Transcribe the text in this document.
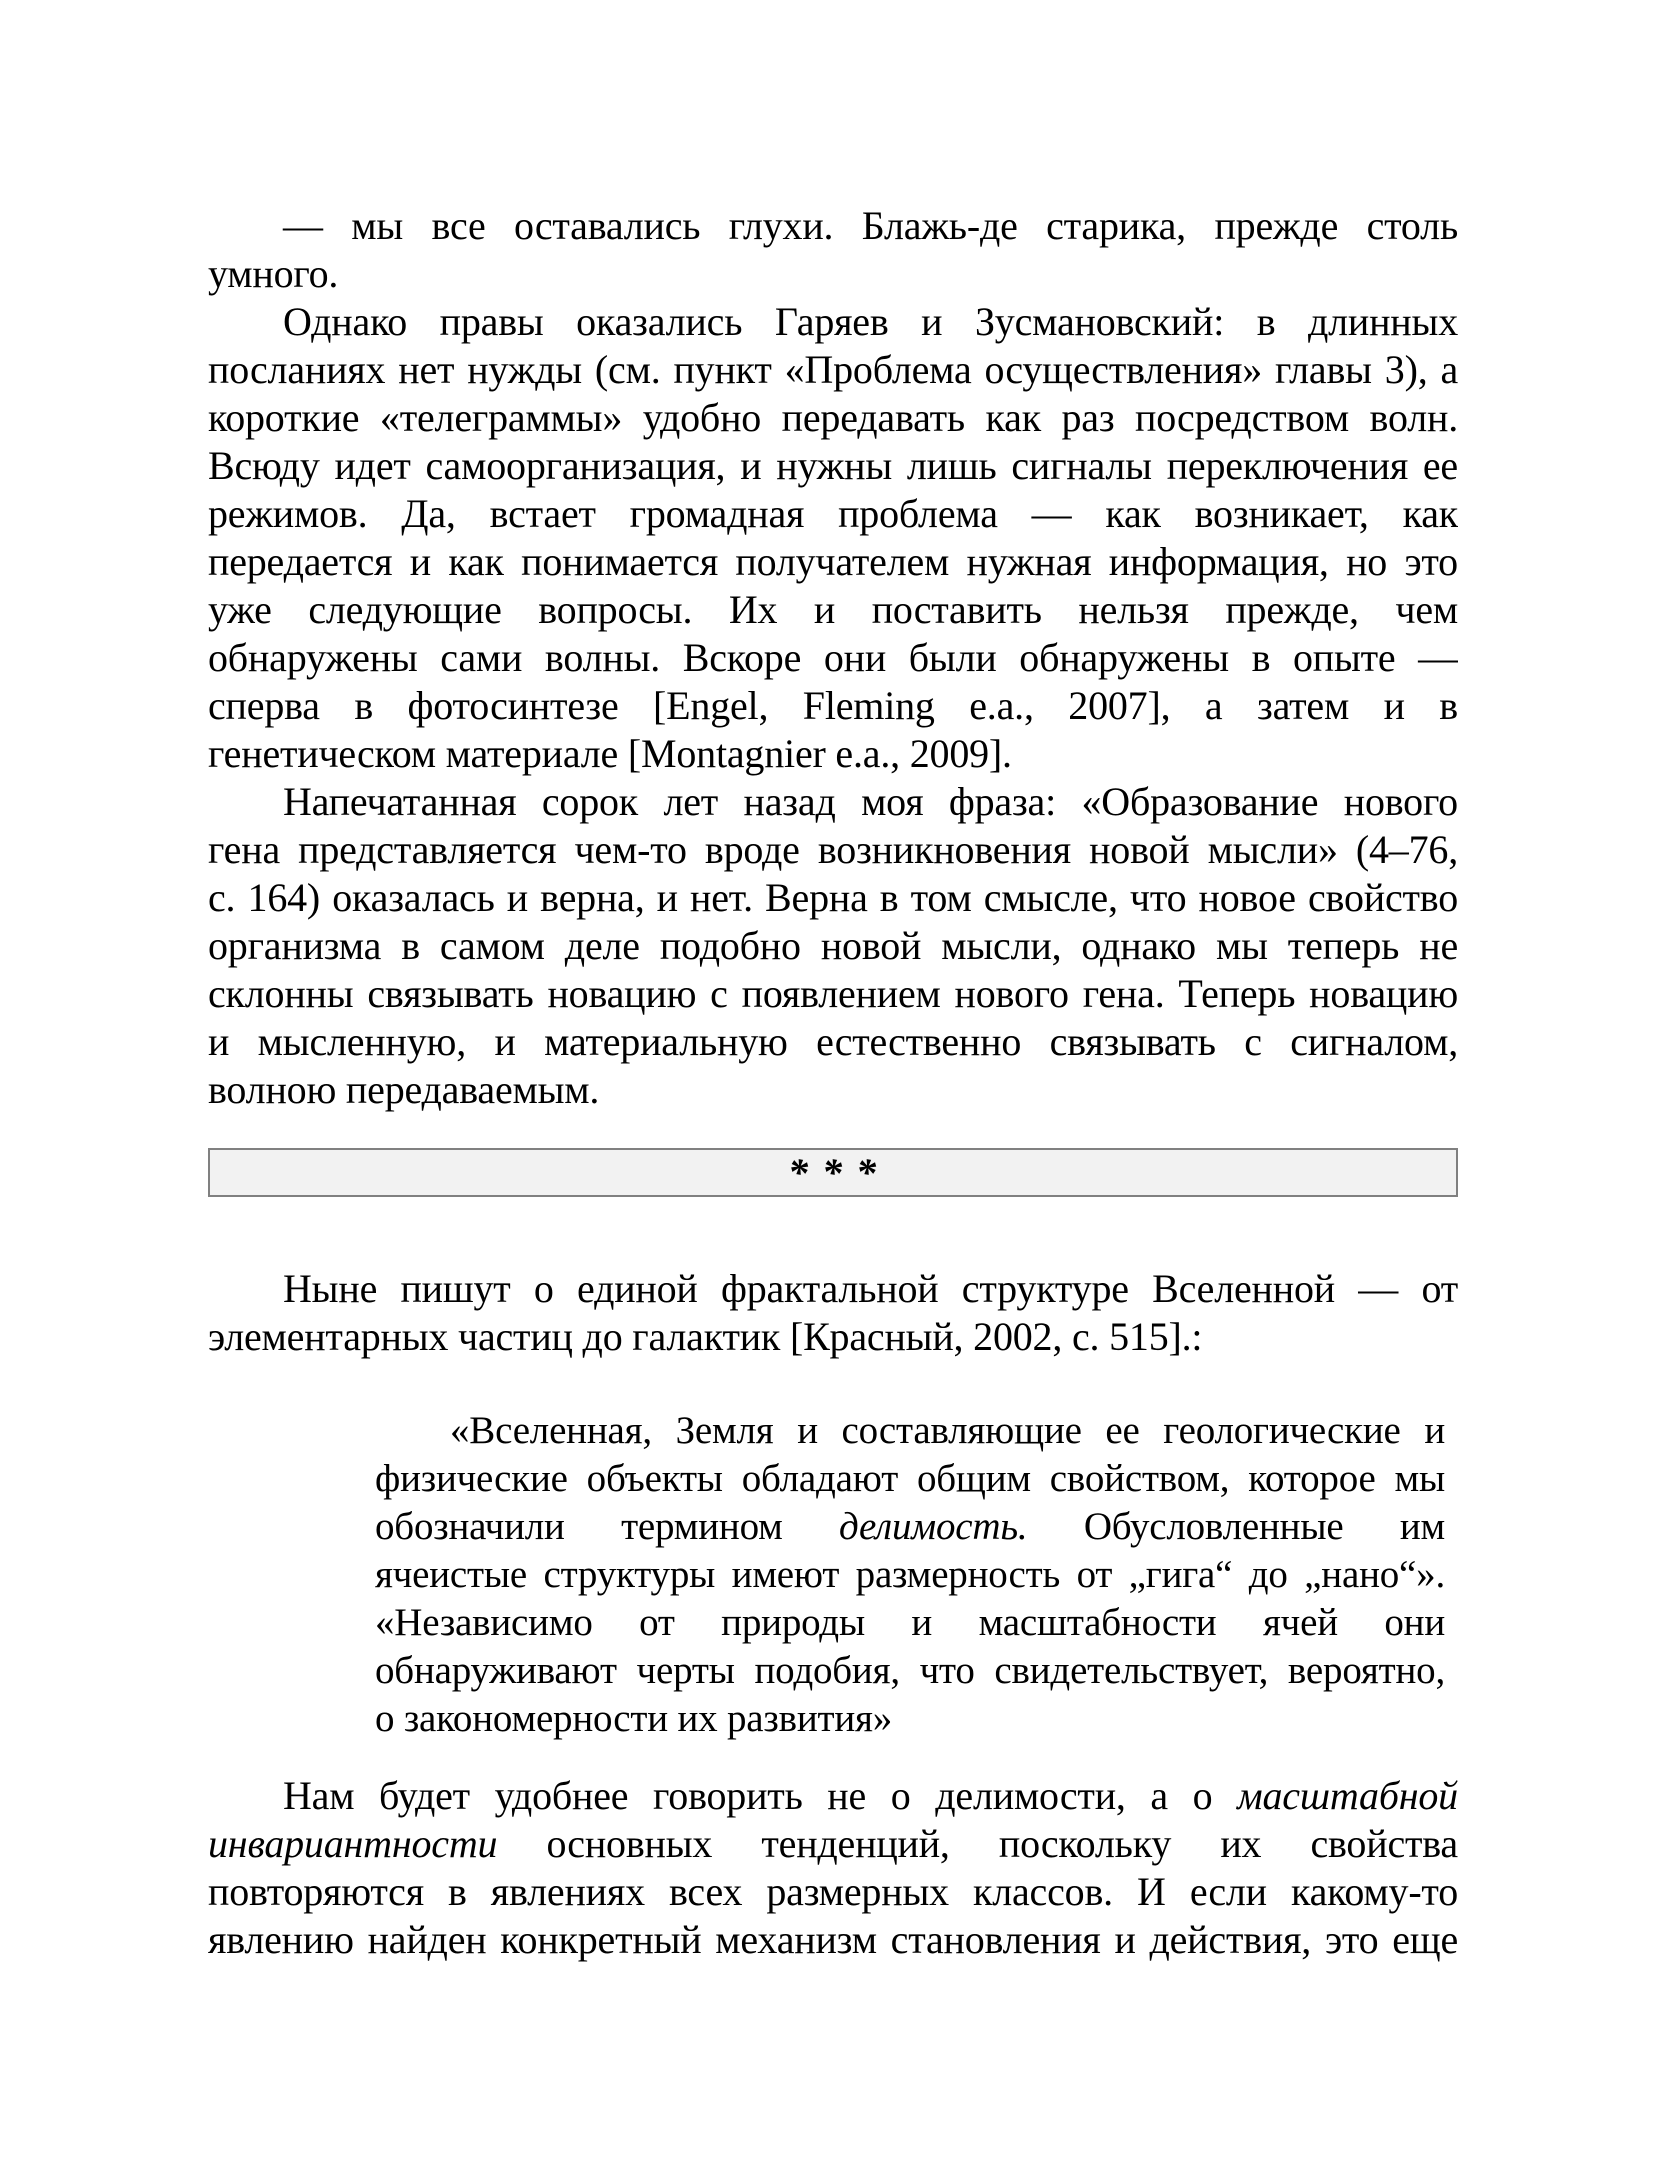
— мы все оставались глухи. Блажь-де старика, прежде столь
умного.
Однако правы оказались Гаряев и Зусмановский: в длинных
посланиях нет нужды (см. пункт «Проблема осуществления» главы 3), а
короткие «телеграммы» удобно передавать как раз посредством волн.
Всюду идет самоорганизация, и нужны лишь сигналы переключения ее
режимов. Да, встает громадная проблема — как возникает, как
передается и как понимается получателем нужная информация, но это
уже следующие вопросы. Их и поставить нельзя прежде, чем
обнаружены сами волны. Вскоре они были обнаружены в опыте —
сперва в фотосинтезе [Engel, Fleming e.a., 2007], а затем и в
генетическом материале [Montagnier e.a., 2009].
Напечатанная сорок лет назад моя фраза: «Образование нового
гена представляется чем-то вроде возникновения новой мысли» (4–76,
с. 164) оказалась и верна, и нет. Верна в том смысле, что новое свойство
организма в самом деле подобно новой мысли, однако мы теперь не
склонны связывать новацию с появлением нового гена. Теперь новацию
и мысленную, и материальную естественно связывать с сигналом,
волною передаваемым.
* * *
Ныне пишут о единой фрактальной структуре Вселенной — от
элементарных частиц до галактик [Красный, 2002, с. 515].:
«Вселенная, Земля и составляющие ее геологические и
физические объекты обладают общим свойством, которое мы
обозначили термином делимость. Обусловленные им
ячеистые структуры имеют размерность от „гига“ до „нано“».
«Независимо от природы и масштабности ячей они
обнаруживают черты подобия, что свидетельствует, вероятно,
о закономерности их развития»
Нам будет удобнее говорить не о делимости, а о масштабной
инвариантности основных тенденций, поскольку их свойства
повторяются в явлениях всех размерных классов. И если какому-то
явлению найден конкретный механизм становления и действия, это еще
